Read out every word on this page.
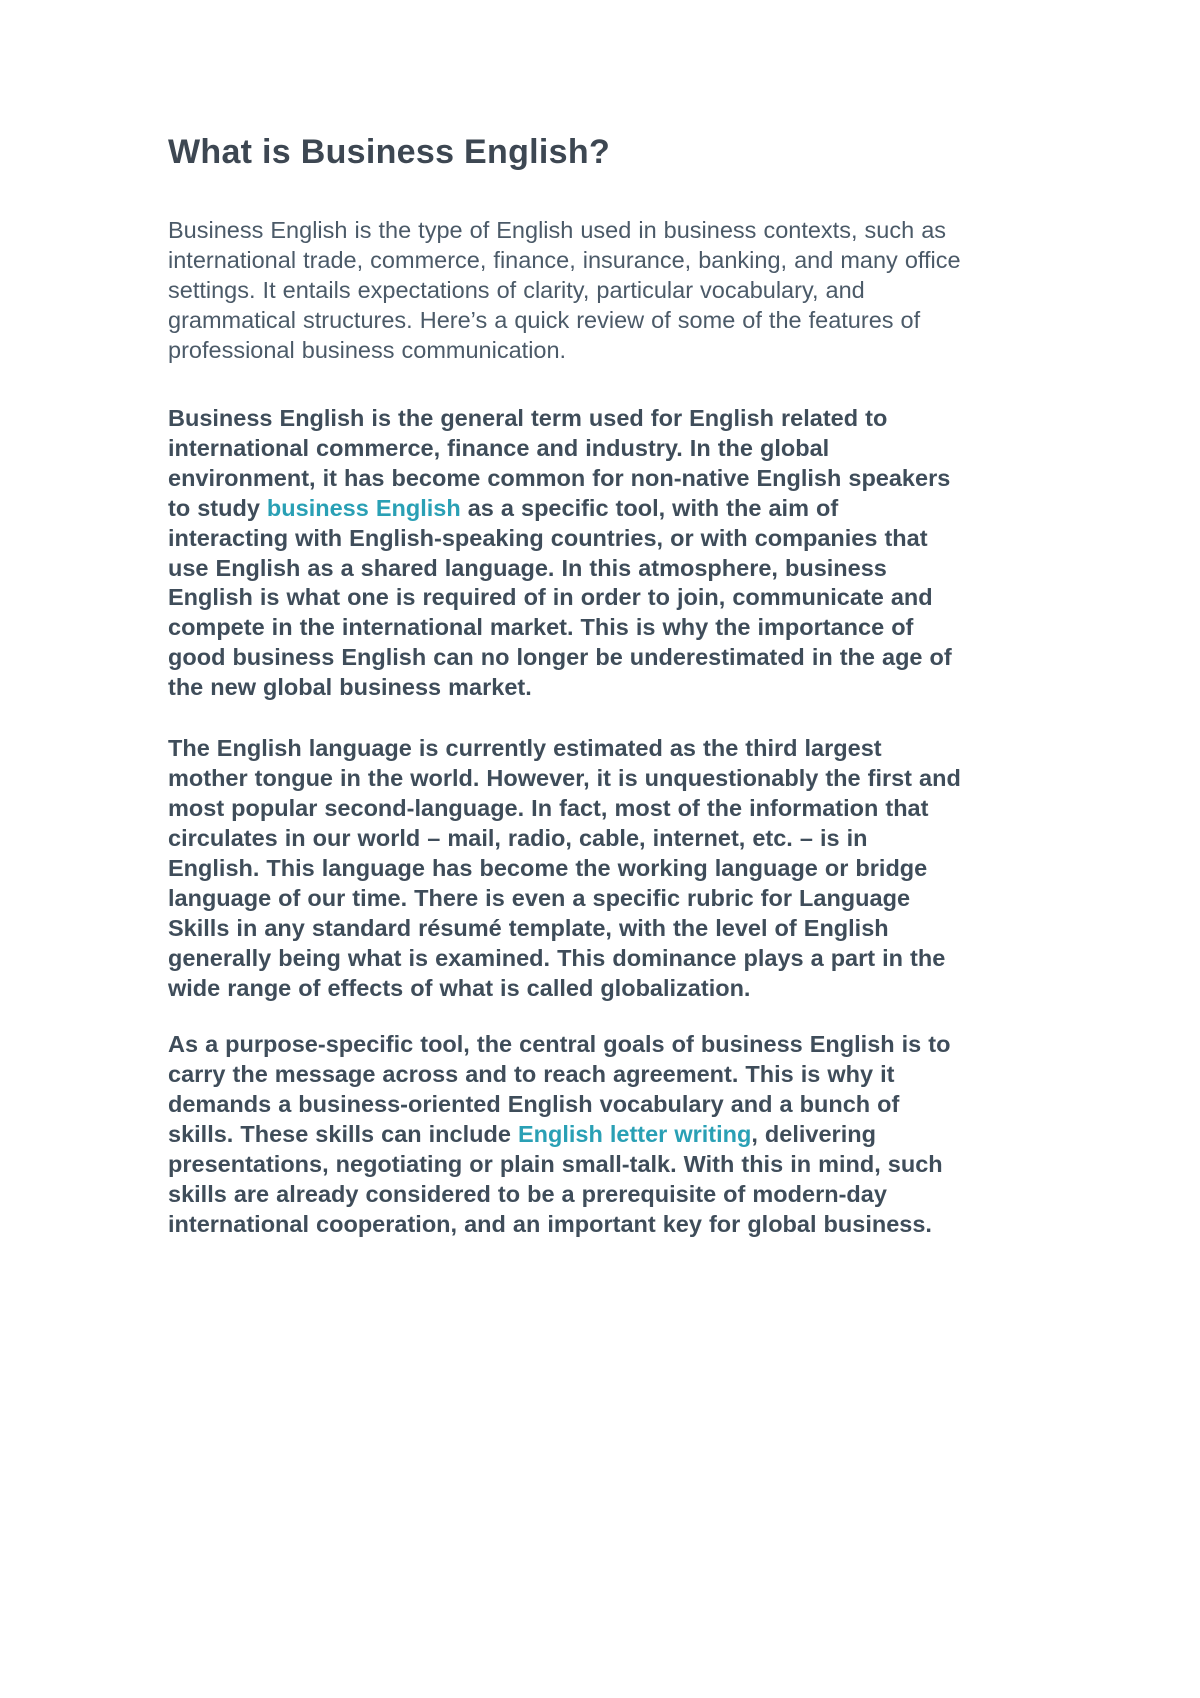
What is Business English?

Business English is the type of English used in business contexts, such as international trade, commerce, finance, insurance, banking, and many office settings. It entails expectations of clarity, particular vocabulary, and grammatical structures. Here’s a quick review of some of the features of professional business communication.

Business English is the general term used for English related to international commerce, finance and industry. In the global environment, it has become common for non-native English speakers to study business English as a specific tool, with the aim of interacting with English-speaking countries, or with companies that use English as a shared language. In this atmosphere, business English is what one is required of in order to join, communicate and compete in the international market. This is why the importance of good business English can no longer be underestimated in the age of the new global business market.

The English language is currently estimated as the third largest mother tongue in the world. However, it is unquestionably the first and most popular second-language. In fact, most of the information that circulates in our world – mail, radio, cable, internet, etc. – is in English. This language has become the working language or bridge language of our time. There is even a specific rubric for Language Skills in any standard résumé template, with the level of English generally being what is examined. This dominance plays a part in the wide range of effects of what is called globalization.

As a purpose-specific tool, the central goals of business English is to carry the message across and to reach agreement. This is why it demands a business-oriented English vocabulary and a bunch of skills. These skills can include English letter writing, delivering presentations, negotiating or plain small-talk. With this in mind, such skills are already considered to be a prerequisite of modern-day international cooperation, and an important key for global business.
